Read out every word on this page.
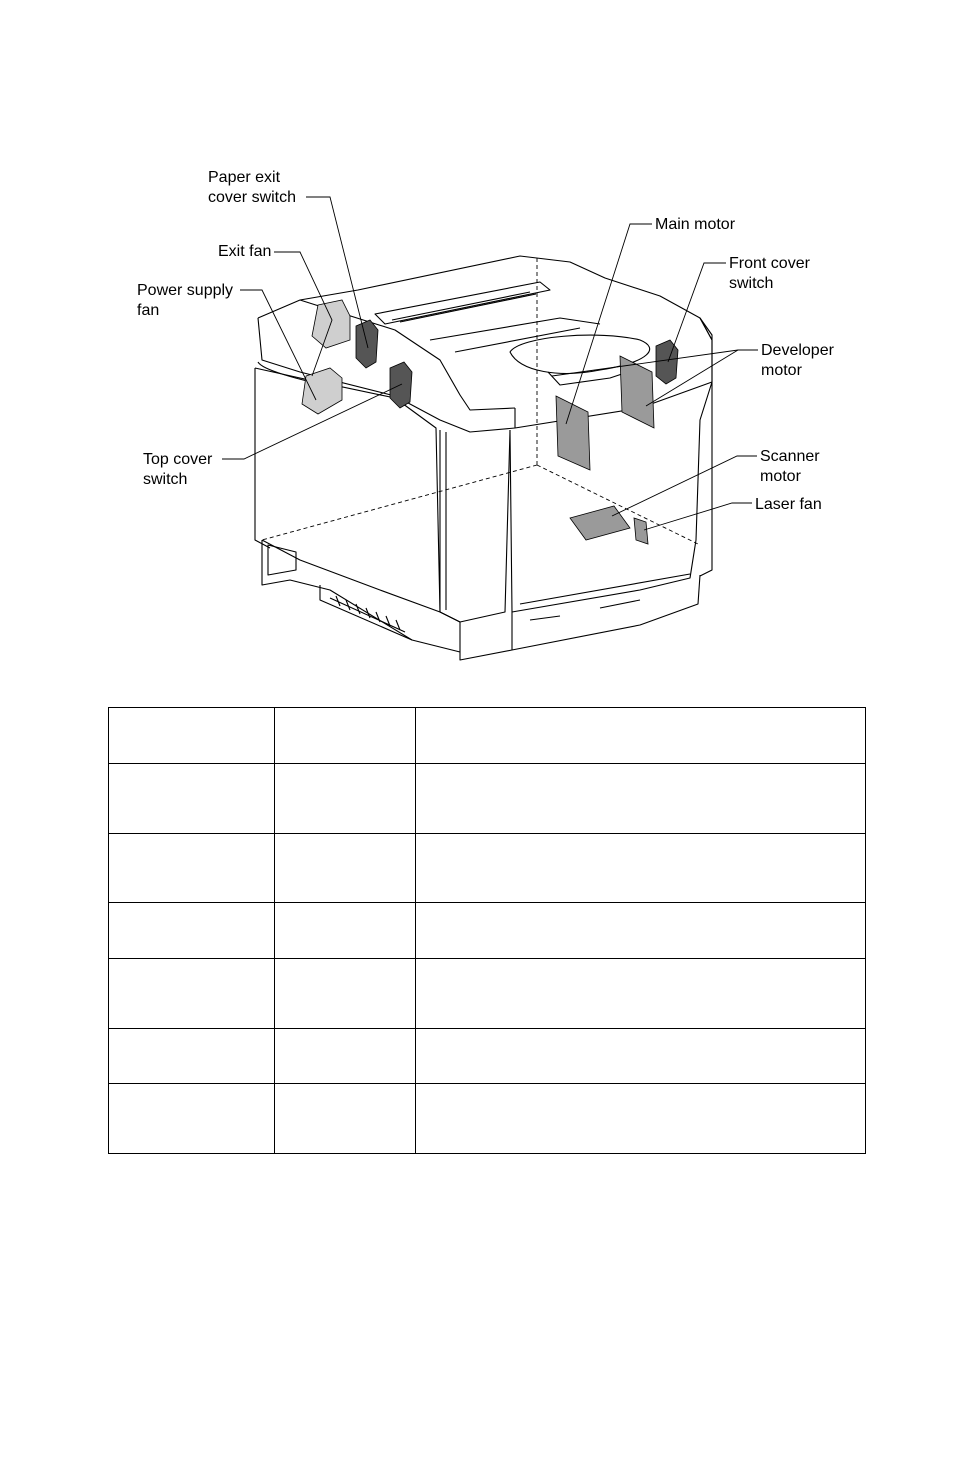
Paper exit
cover switch
Exit fan
Power supply
fan
Top cover
switch
Main motor
Front cover
switch
Developer
motor
Scanner
motor
Laser fan
